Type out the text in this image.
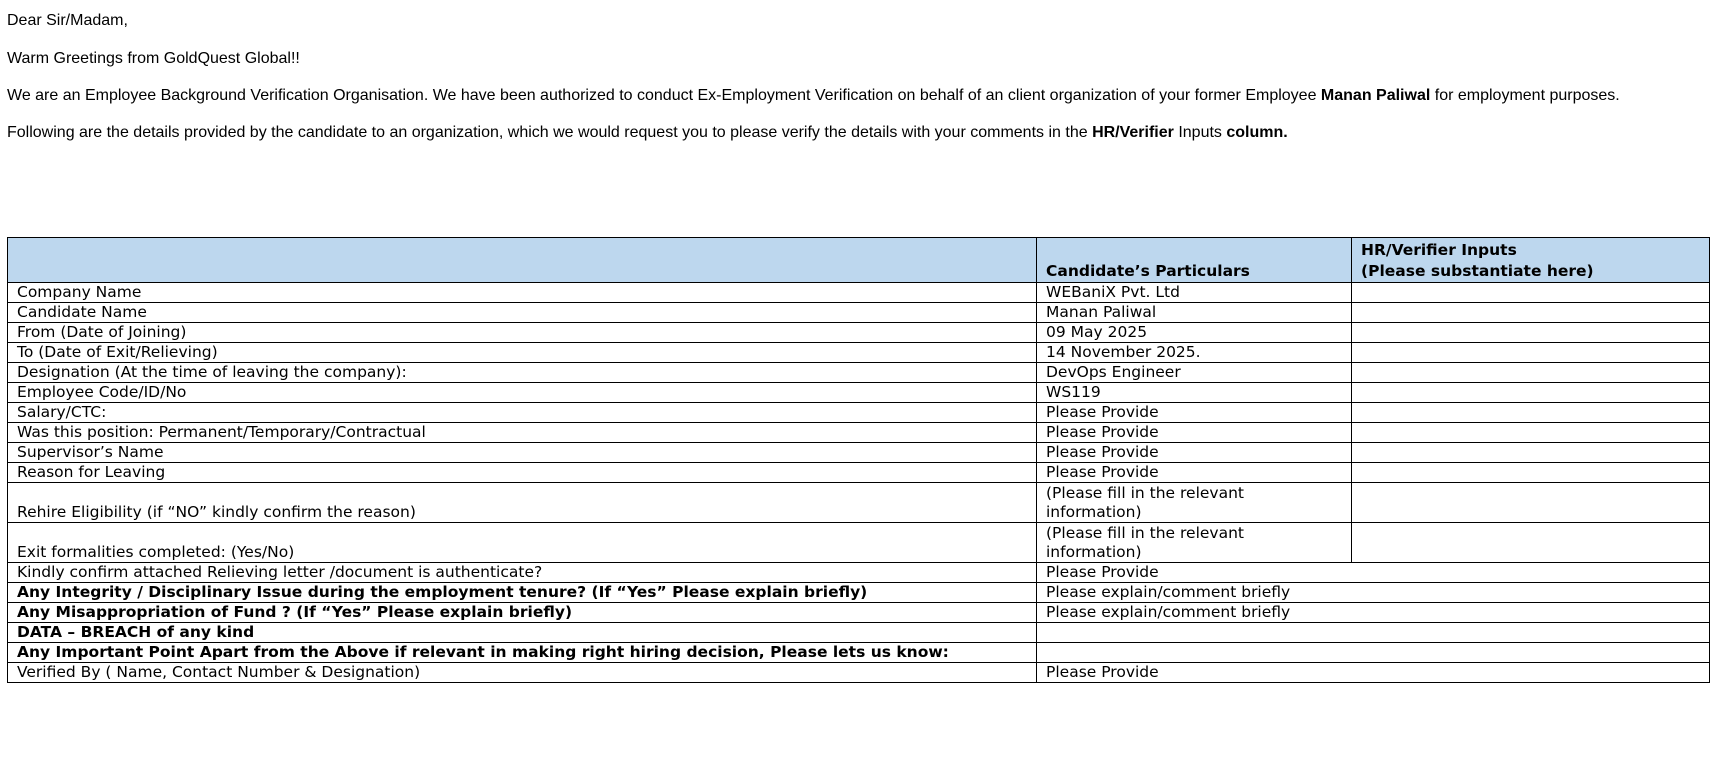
Dear Sir/Madam,

Warm Greetings from GoldQuest Global!!

We are an Employee Background Verification Organisation. We have been authorized to conduct Ex-Employment Verification on behalf of an client organization of your former Employee Manan Paliwal for employment purposes.

Following are the details provided by the candidate to an organization, which we would request you to please verify the details with your comments in the HR/Verifier Inputs column.

	Candidate’s Particulars	HR/Verifier Inputs
(Please substantiate here)

Company Name	WEBaniX Pvt. Ltd	
Candidate Name	Manan Paliwal	
From (Date of Joining)	09 May 2025	
To (Date of Exit/Relieving)	14 November 2025.	
Designation (At the time of leaving the company):	DevOps Engineer	
Employee Code/ID/No	WS119	
Salary/CTC:	Please Provide	
Was this position: Permanent/Temporary/Contractual	Please Provide	
Supervisor’s Name	Please Provide	
Reason for Leaving	Please Provide	
Rehire Eligibility (if “NO” kindly confirm the reason)	(Please fill in the relevant information)	
Exit formalities completed: (Yes/No)	(Please fill in the relevant information)	
Kindly confirm attached Relieving letter /document is authenticate?	Please Provide	
Any Integrity / Disciplinary Issue during the employment tenure? (If “Yes” Please explain briefly)	Please explain/comment briefly	
Any Misappropriation of Fund ? (If “Yes” Please explain briefly)	Please explain/comment briefly	
DATA – BREACH of any kind		
Any Important Point Apart from the Above if relevant in making right hiring decision, Please lets us know:		
Verified By ( Name, Contact Number & Designation)	Please Provide	
